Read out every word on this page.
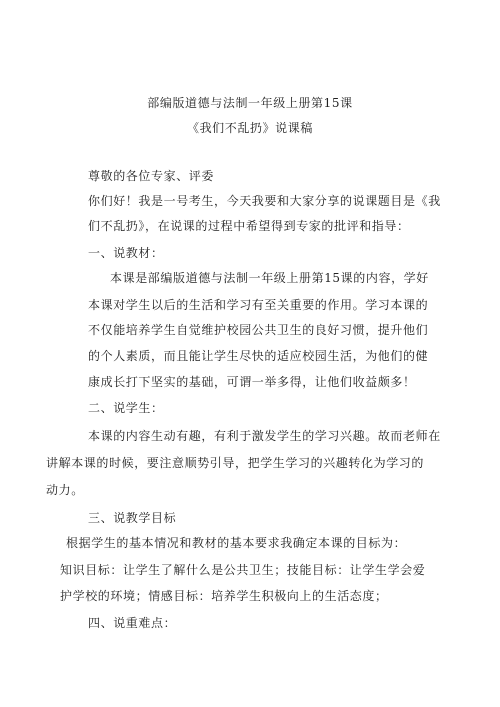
部编版道德与法制一年级上册第15课
《我们不乱扔》说课稿
尊敬的各位专家、评委
你们好！我是一号考生，今天我要和大家分享的说课题目是《我
们不乱扔》，在说课的过程中希望得到专家的批评和指导：
一、说教材：
本课是部编版道德与法制一年级上册第15课的内容，学好
本课对学生以后的生活和学习有至关重要的作用。学习本课的
不仅能培养学生自觉维护校园公共卫生的良好习惯，提升他们
的个人素质，而且能让学生尽快的适应校园生活，为他们的健
康成长打下坚实的基础，可谓一举多得，让他们收益颇多！
二、说学生：
本课的内容生动有趣，有利于激发学生的学习兴趣。故而老师在
讲解本课的时候，要注意顺势引导，把学生学习的兴趣转化为学习的
动力。
三、说教学目标
根据学生的基本情况和教材的基本要求我确定本课的目标为：
知识目标：让学生了解什么是公共卫生；技能目标：让学生学会爱
护学校的环境；情感目标：培养学生积极向上的生活态度；
四、说重难点：
